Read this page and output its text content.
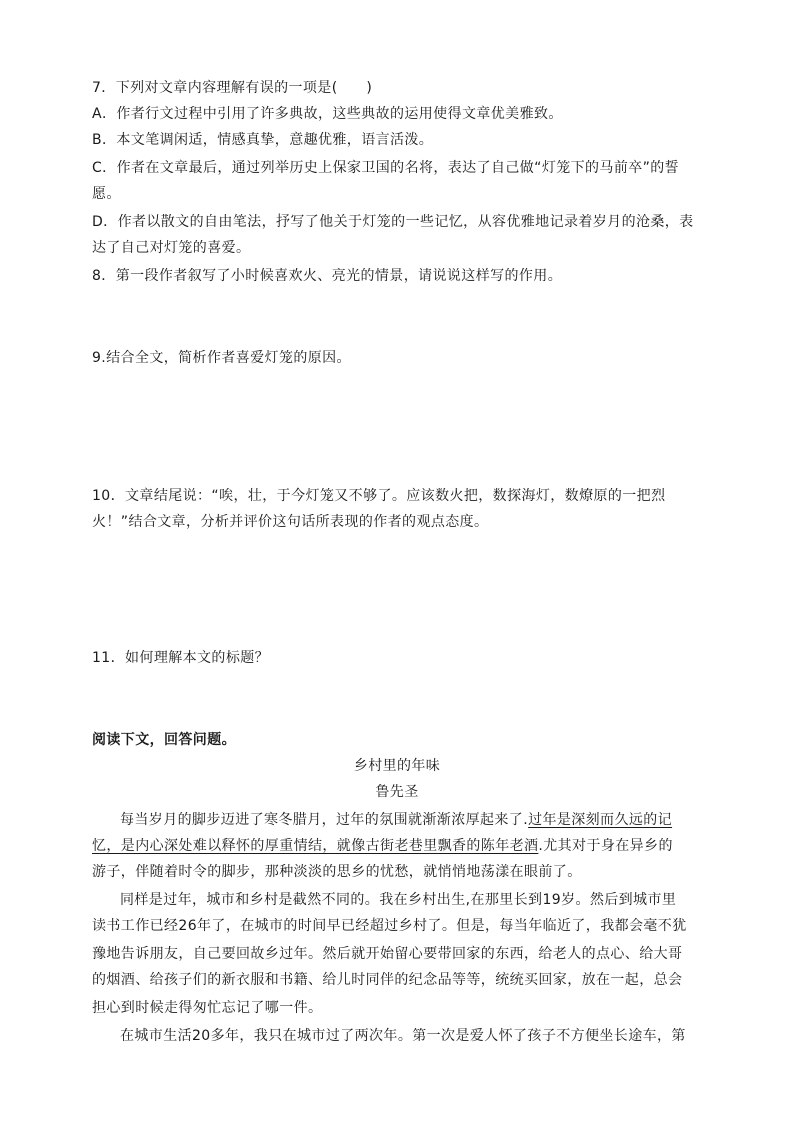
7．下列对文章内容理解有误的一项是(　　)
A．作者行文过程中引用了许多典故，这些典故的运用使得文章优美雅致。
B．本文笔调闲适，情感真挚，意趣优雅，语言活泼。
C．作者在文章最后，通过列举历史上保家卫国的名将，表达了自己做“灯笼下的马前卒”的誓
愿。
D．作者以散文的自由笔法，抒写了他关于灯笼的一些记忆，从容优雅地记录着岁月的沧桑，表
达了自己对灯笼的喜爱。
8．第一段作者叙写了小时候喜欢火、亮光的情景，请说说这样写的作用。
9.结合全文，简析作者喜爱灯笼的原因。
10．文章结尾说：“唉，壮，于今灯笼又不够了。应该数火把，数探海灯，数燎原的一把烈
火！”结合文章，分析并评价这句话所表现的作者的观点态度。
11．如何理解本文的标题？
阅读下文，回答问题。
乡村里的年味
鲁先圣
每当岁月的脚步迈进了寒冬腊月，过年的氛围就渐渐浓厚起来了.过年是深刻而久远的记
忆，是内心深处难以释怀的厚重情结，就像古街老巷里飘香的陈年老酒.尤其对于身在异乡的
游子，伴随着时令的脚步，那种淡淡的思乡的忧愁，就悄悄地荡漾在眼前了。
同样是过年，城市和乡村是截然不同的。我在乡村出生,在那里长到19岁。然后到城市里
读书工作已经26年了，在城市的时间早已经超过乡村了。但是，每当年临近了，我都会毫不犹
豫地告诉朋友，自己要回故乡过年。然后就开始留心要带回家的东西，给老人的点心、给大哥
的烟酒、给孩子们的新衣服和书籍、给儿时同伴的纪念品等等，统统买回家，放在一起，总会
担心到时候走得匆忙忘记了哪一件。
在城市生活20多年，我只在城市过了两次年。第一次是爱人怀了孩子不方便坐长途车，第
